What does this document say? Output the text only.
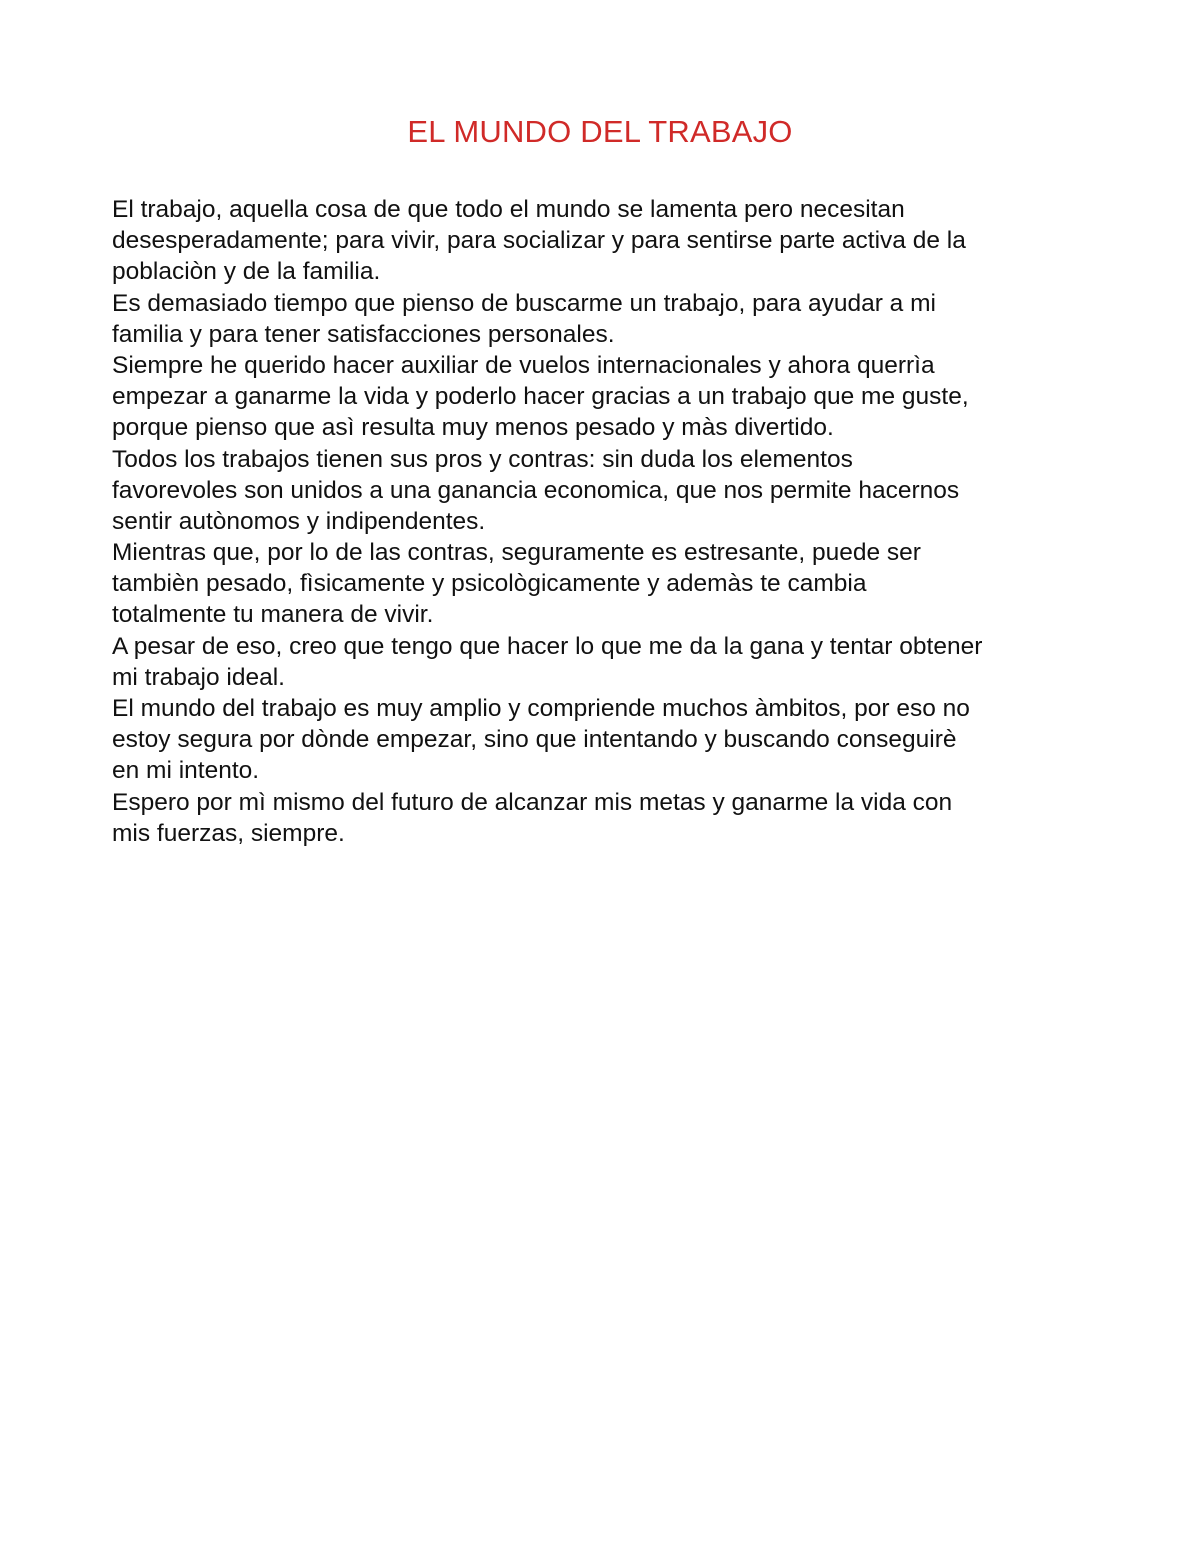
EL MUNDO DEL TRABAJO
El trabajo, aquella cosa de que todo el mundo se lamenta pero necesitan
desesperadamente; para vivir, para socializar y para sentirse parte activa de la
poblaciòn y de la familia.
Es demasiado tiempo que pienso de buscarme un trabajo, para ayudar a mi
familia y para tener satisfacciones personales.
Siempre he querido hacer auxiliar de vuelos internacionales y ahora querrìa
empezar a ganarme la vida y poderlo hacer gracias a un trabajo que me guste,
porque pienso que asì resulta muy menos pesado y màs divertido.
Todos los trabajos tienen sus pros y contras: sin duda los elementos
favorevoles son unidos a una ganancia economica, que nos permite hacernos
sentir autònomos y indipendentes.
Mientras que, por lo de las contras, seguramente es estresante, puede ser
tambièn pesado, fìsicamente y psicològicamente y ademàs te cambia
totalmente tu manera de vivir.
A pesar de eso, creo que tengo que hacer lo que me da la gana y tentar obtener
mi trabajo ideal.
El mundo del trabajo es muy amplio y compriende muchos àmbitos, por eso no
estoy segura por dònde empezar, sino que intentando y buscando conseguirè
en mi intento.
Espero por mì mismo del futuro de alcanzar mis metas y ganarme la vida con
mis fuerzas, siempre.
